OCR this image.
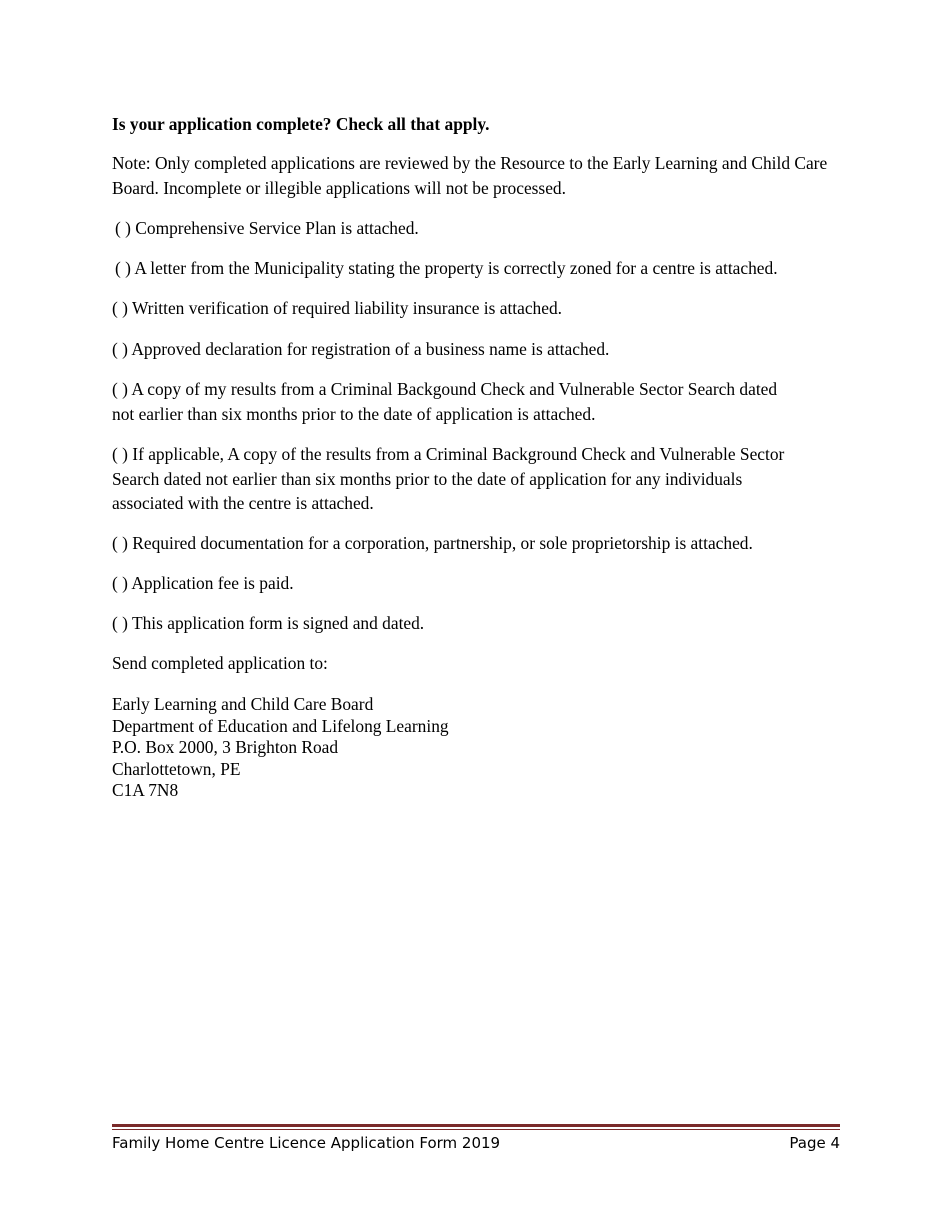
Is your application complete? Check all that apply.

Note: Only completed applications are reviewed by the Resource to the Early Learning and Child Care Board. Incomplete or illegible applications will not be processed.

( ) Comprehensive Service Plan is attached.

( ) A letter from the Municipality stating the property is correctly zoned for a centre is attached.

( ) Written verification of required liability insurance is attached.

( ) Approved declaration for registration of a business name is attached.

( ) A copy of my results from a Criminal Backgound Check and Vulnerable Sector Search dated not earlier than six months prior to the date of application is attached.

( ) If applicable, A copy of the results from a Criminal Background Check and Vulnerable Sector Search dated not earlier than six months prior to the date of application for any individuals associated with the centre is attached.

( ) Required documentation for a corporation, partnership, or sole proprietorship is attached.

( ) Application fee is paid.

( ) This application form is signed and dated.

Send completed application to:

Early Learning and Child Care Board
Department of Education and Lifelong Learning
P.O. Box 2000, 3 Brighton Road
Charlottetown, PE
C1A 7N8
Family Home Centre Licence Application Form 2019	Page 4
